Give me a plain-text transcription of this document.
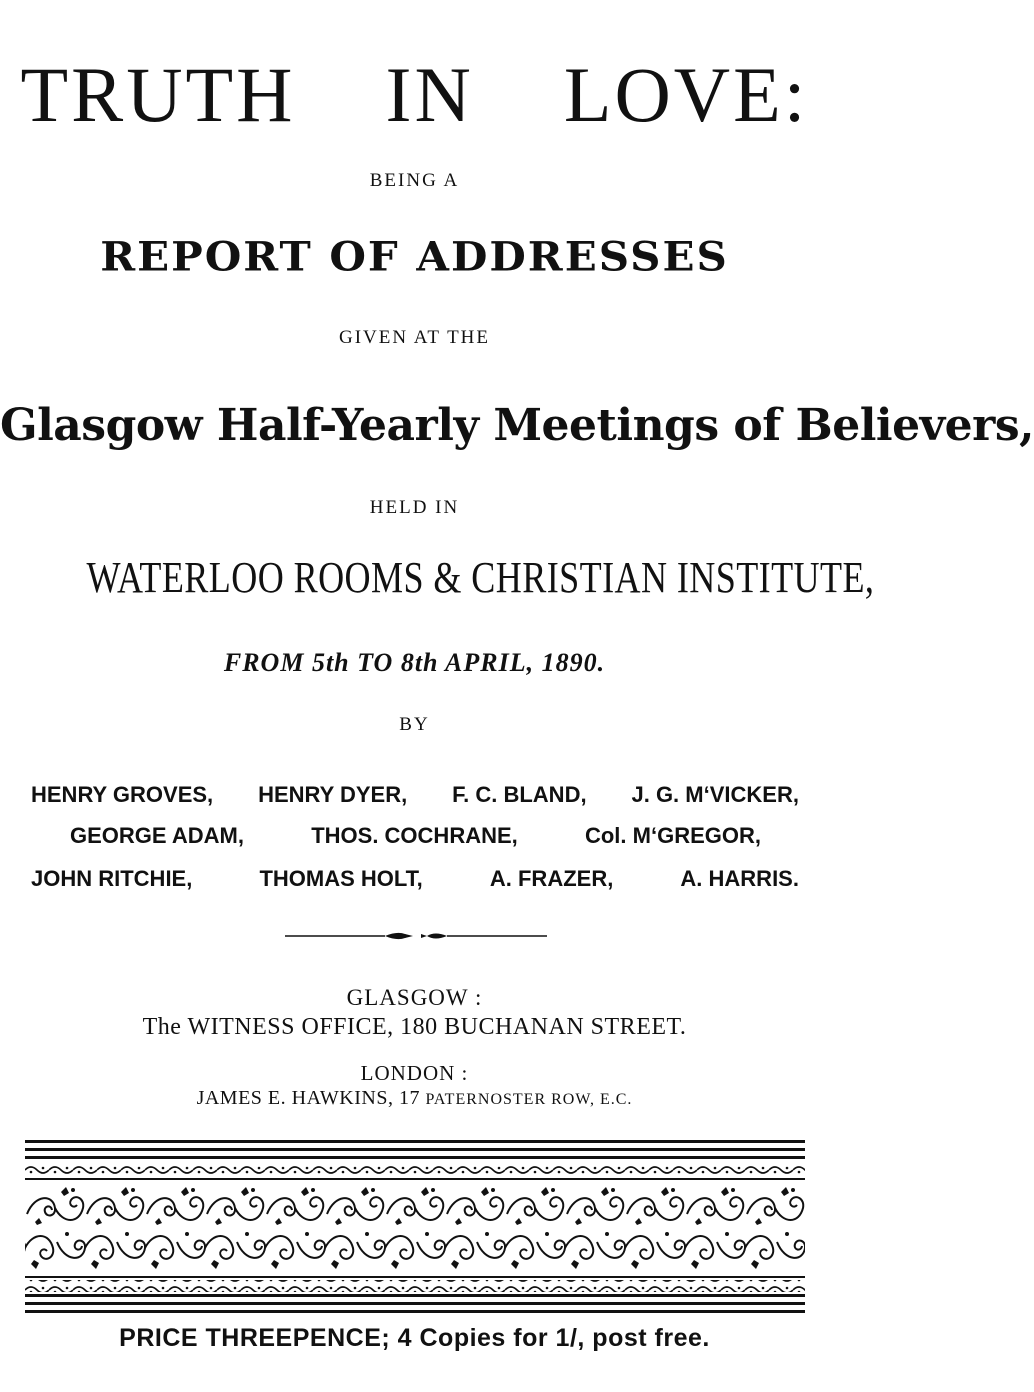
TRUTH IN LOVE:
BEING A
REPORT OF ADDRESSES
GIVEN AT THE
Glasgow Half-Yearly Meetings of Believers,
HELD IN
WATERLOO ROOMS & CHRISTIAN INSTITUTE,
FROM 5th TO 8th APRIL, 1890.
BY
HENRY GROVES, HENRY DYER, F. C. BLAND, J. G. M‘VICKER,
GEORGE ADAM,	THOS. COCHRANE,	Col. M‘GREGOR,
JOHN RITCHIE,	THOMAS HOLT,	A. FRAZER,	A. HARRIS.
GLASGOW :
The WITNESS OFFICE, 180 BUCHANAN STREET.
LONDON :
JAMES E. HAWKINS, 17 PATERNOSTER ROW, E.C.
PRICE THREEPENCE; 4 Copies for 1/, post free.
